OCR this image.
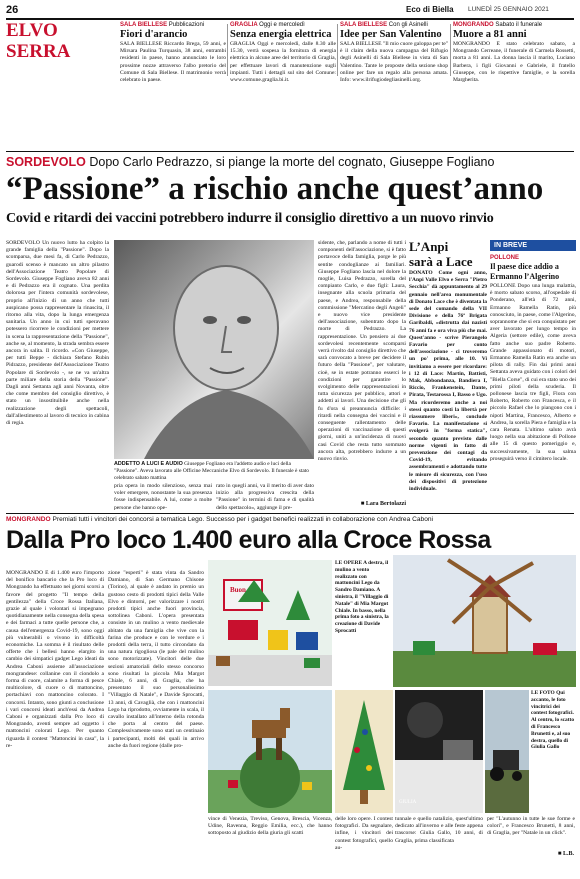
26	Eco di Biella LUNEDÌ 25 GENNAIO 2021
ELVO
SERRA
SALA BIELLESE Pubblicazioni
Fiori d'arancio
SALA BIELLESE Riccardo Brega, 59 anni, e Mirsara Paulina Turquasin, 38 anni, entrambi residenti in paese, hanno annunciato le loro prossime nozze attraverso l'albo pretorio del Comune di Sala Biellese. Il matrimonio verrà celebrato in paese.
GRAGLIA Oggi e mercoledì
Senza energia elettrica
GRAGLIA Oggi e mercoledì, dalle 8.30 alle 15.30, verrà sospesa la fornitura di energia elettrica in alcune aree del territorio di Graglia, per effettuare lavori di manutenzione sugli impianti. Tutti i dettagli sul sito del Comune: www.comune.graglia.bi.it.
SALA BIELLESE Con gli Asinelli
Idee per San Valentino
SALA BIELLESE "Il mio cuore galoppa per te" è il claim della nuova campagna del Rifugio degli Asinelli di Sala Biellese in vista di San Valentino. Tante le proposte della sezione shop online per fare un regalo alla persona amata. Info: www.ilrifugiodegliasinelli.org.
MONGRANDO Sabato il funerale
Muore a 81 anni
MONGRANDO È stato celebrato sabato, a Mongrando Cerreane, il funerale di Carmela Rossetti, morta a 81 anni. La donna lascia il marito, Luciano Barbera, i figli Giovanni e Gabriele, il fratello Giuseppe, con le rispettive famiglie, e la sorella Margherita.
SORDEVOLO Dopo Carlo Pedrazzo, si piange la morte del cognato, Giuseppe Fogliano
“Passione” a rischio anche quest’anno
Covid e ritardi dei vaccini potrebbero indurre il consiglio direttivo a un nuovo rinvio
SORDEVOLO Un nuovo lutto ha colpito la grande famiglia della "Passione". Dopo la scomparsa, due mesi fa, di Carlo Pedrazzo, guarodi scenso è mancato un altro pilastro dell'Associazione Teatro Popolare di Sordevolo. Giuseppe Fogliano aveva 82 anni e di Pedrazzo era il cognato. Una perdita dolorosa per l'intera comunità sordevolese, proprio all'inizio di un anno che tutti auspicano possa rappresentare la rinascita, il ritorno alla vita, dopo la lunga emergenza sanitaria. Un anno in cui tutti speravano potessero ricorrere le condizioni per mettere in scena la rappresentazione della "Passione", anche se, al momento, la strada sembra essere ancora in salita. Il ricordo. «Con Giuseppe, per tutti Beppe - dichiara Stefano Rubin Pidrazzo, presidente dell'Associazione Teatro Popolare di Sordevolo -, se ne va un'altra parte miliare della storia della "Passione". Dagli anni Settanta agli anni Novanta, oltre che come membro del consiglio direttivo, è stato un insostituibile anche nella realizzazione degli spettacoli, dall'allestimento al lavoro di tecnico in cabina di regia.
ADDETTO A LUCI E AUDIO Giuseppe Fogliano era l'addetto audio e luci della "Passione". Aveva lavorato alle Officine Meccaniche Elvo di Sordevolo. Il funerale è stato celebrato sabato mattina
pria opera in modo silenzioso, senza mai voler emergere, nonostante la sua presenza fosse indispensabile. A lui, come a molte persone che hanno ope-
rato in quegli anni, va il merito di aver dato inizio alla progressiva crescita della "Passione" in termini di fama e di qualità dello spettacolo», aggiunge il pre-
sidente, che, parlando a nome di tutti i componenti dell'associazione, si è fatto portavoce della famiglia, porge le più sentite condoglianze ai familiari. Giuseppe Fogliano lascia nel dolore la moglie, Luisa Pedrazzo, sorella del compianto Carlo, e due figli: Laura, insegnante alla scuola primaria del paese, e Andrea, responsabile della commissione "Mercatino degli Angeli" e nuovo vice presidente dell'associazione, subentrato dopo la morte di Pedrazzo. La rappresentazione. Un pensiero ai due sordevolesi recentemente scomparsi verrà rivolto dal consiglio direttivo che sarà convocato a breve per decidere il futuro della "Passione", per valutare, cioè, se in estate potranno esserci le condizioni per garantire lo svolgimento delle rappresentazioni in tutta sicurezza per pubblico, attori e addetti ai lavori. Una decisione che gli fu d'ora si preannuncia difficile: i ritardi nella consegna dei vaccini e il conseguente rallentamento delle operazioni di vaccinazione di questi giorni, uniti a un'incidenza di nuovi casi Covid che resta tutto sommato ancora alta, potrebbero indurre a un nuovo rinvio.
■ Lara Bertolazzi
L’Anpi
sarà a Lace
DONATO Come ogni anno, l'Anpi Valle Elvo e Serra "Pietro Secchia" dà appuntamento al 29 gennaio nell'area monumentale di Donato Lace che è diventata la sede del comando della VII Divisione e della 76ª Brigata Garibaldi, «distrutta dai nazisti 76 anni fa e ora viva più che mai. Quest'anno - scrive Pierangelo Favario per conto dell'associazione - ci troveremo un po' prima, alle 10. Vi invitiamo a essere per ricordare: i 12 di Lace: Martin, Battisti, Mak, Abbondanza, Bandiera I, Riccio, Frankenstein, Dante, Pirata, Testarossa I, Basso e Ugo. Ma ricorderemo anche a noi stessi quanto costi la libertà per riassumere liberi», conclude Favario. La manifestazione si svolgerà in "forma statica", secondo quanto previsto dalle norme vigenti in fatto di prevenzione dei contagi da Covid-19, evitando assembramenti e adottando tutte le misure di sicurezza, con l'uso dei dispositivi di protezione individuale.
IN BREVE
POLLONE
Il paese dice addio a Ermanno l’Algerino
POLLONE Dopo una lunga malattia, è morto sabato scorso, all'ospedale di Ponderano, all'età di 72 anni, Ermanno Ramella Ratin, più conosciuto, in paese, come l'Algerino, soprannome che si era conquistato per aver lavorato per lungo tempo in Algeria (settore edile), come aveva fatto anche suo padre Roberto. Grande appassionato di motori, Ermanno Ramella Ratin era anche un pilota di rally. Fin dai primi anni Settanta aveva guidato con i colori del "Biella Corse", di cui era stato uno dei primi piloti della scuderia. Il pollonese lascia tre figli, Flora con Roberto, Roberto con Francesca, e il piccolo Rafael che lo piangono con i nipoti Martina, Francesco, Alberto e Andrea, la sorella Piera e famiglia e la cara Renata. L'ultimo saluto avrà luogo nella sua abitazione di Pollone alle 15 di questo pomeriggio e, successivamente, la sua salma proseguirà verso il cimitero locale.
MONGRANDO Premiati tutti i vincitori dei concorsi a tematica Lego. Successo per i gadget benefici realizzati in collaborazione con Andrea Caboni
Dalla Pro loco 1.400 euro alla Croce Rossa
MONGRANDO È di 1.400 euro l'importo del bonifico bancario che la Pro loco di Mongrando ha effettuato nei giorni scorsi a favore del progetto "Il tempo della gentilezza" della Croce Rossa Italiana, grazie al quale i volontari si impegnano quotidianamente nella consegna della spesa e dei farmaci a tutte quelle persone che, a causa dell'emergenza Covid-19, sono oggi più vulnerabili o vivono in difficoltà economiche. La somma è il risultato delle offerte che i bellesi hanno elargito in cambio dei simpatici gadget Lego ideati da Andrea Caboni assieme all'associazione mongrandese: collanine con il ciondolo a forma di cuore, calamite a forma di pesce multicolore, di cuore o di mattoncino, portachiavi con mattoncino colorato. I concorsi. Intanto, sono giunti a conclusione i vari concorsi ideati anch'essi da Andrea Caboni e organizzati dalla Pro loco di Mongrando, aventi sempre ad oggetto i mattoncini colorati Lego. Per quanto riguarda il contest "Mattoncini in casa", la re-
zione "esperti" è stata vinta da Sandro Damiano, di San Germano Chisone (Torino), al quale è andato in premio un gustoso cesto di prodotti tipici della Valle Elvo e dintorni, per valorizzare i nostri prodotti tipici anche fuori provincia, sottolinea Caboni. L'opera presentata consiste in un mulino a vento medievale abitato da una famiglia che vive con la farina che produce e con le verdure e i prodotti della terra, il tutto circondato da una natura rigogliosa (le pale del mulino sono motorizzate). Vincitori delle due sezioni amatoriali dello stesso concorso sono risultati la piccola Mia Margot Chiale, 6 anni, di Graglia, che ha presentato il suo personalissimo "Villaggio di Natale", e Davide Sprocatti, 13 anni, di Cavaglià, che con i mattoncini Lego ha riprodotto, ovviamente in scala, il cavallo installato all'interno della rotonda che porta al centro del paese. Complessivamente sono stati un centinaio i partecipanti, molti dei quali in arrivo anche da fuori regione (dalle pro-
Buon
vince di Venezia, Treviso, Genova, Brescia, Vicenza, Udine, Ravenna, Reggio Emilia, ecc.), che hanno sottoposto al giudizio della giuria gli scatti
LE OPERE A destra, il mulino a vento realizzato con mattoncini Lego da Sandro Damiano. A sinistra, il "Villaggio di Natale" di Mia Margot Chiale. In basso, nella prima foto a sinistra, la creazione di Davide Sprocatti
GIULIA
LE FOTO Qui accanto, le foto vincitrici dei contest fotografici. Al centro, lo scatto di Francesco Brunetti e, al suo destra, quello di Giulia Gallo
delle loro opere. I contest fotografici. Da segnalare, infine, i vincitori dei contest fotografici, quello au-
tunnale e quello natalizio, quest'ultimo dedicato all'inverno e alle feste appena trascorse: Giulia Gallo, 10 anni, di Graglia, prima classificata
per "L'autunno in tutte le sue forme e colori", e Francesco Brunetti, 8 anni, di Graglia, per "Natale in un click".
■ L.B.
